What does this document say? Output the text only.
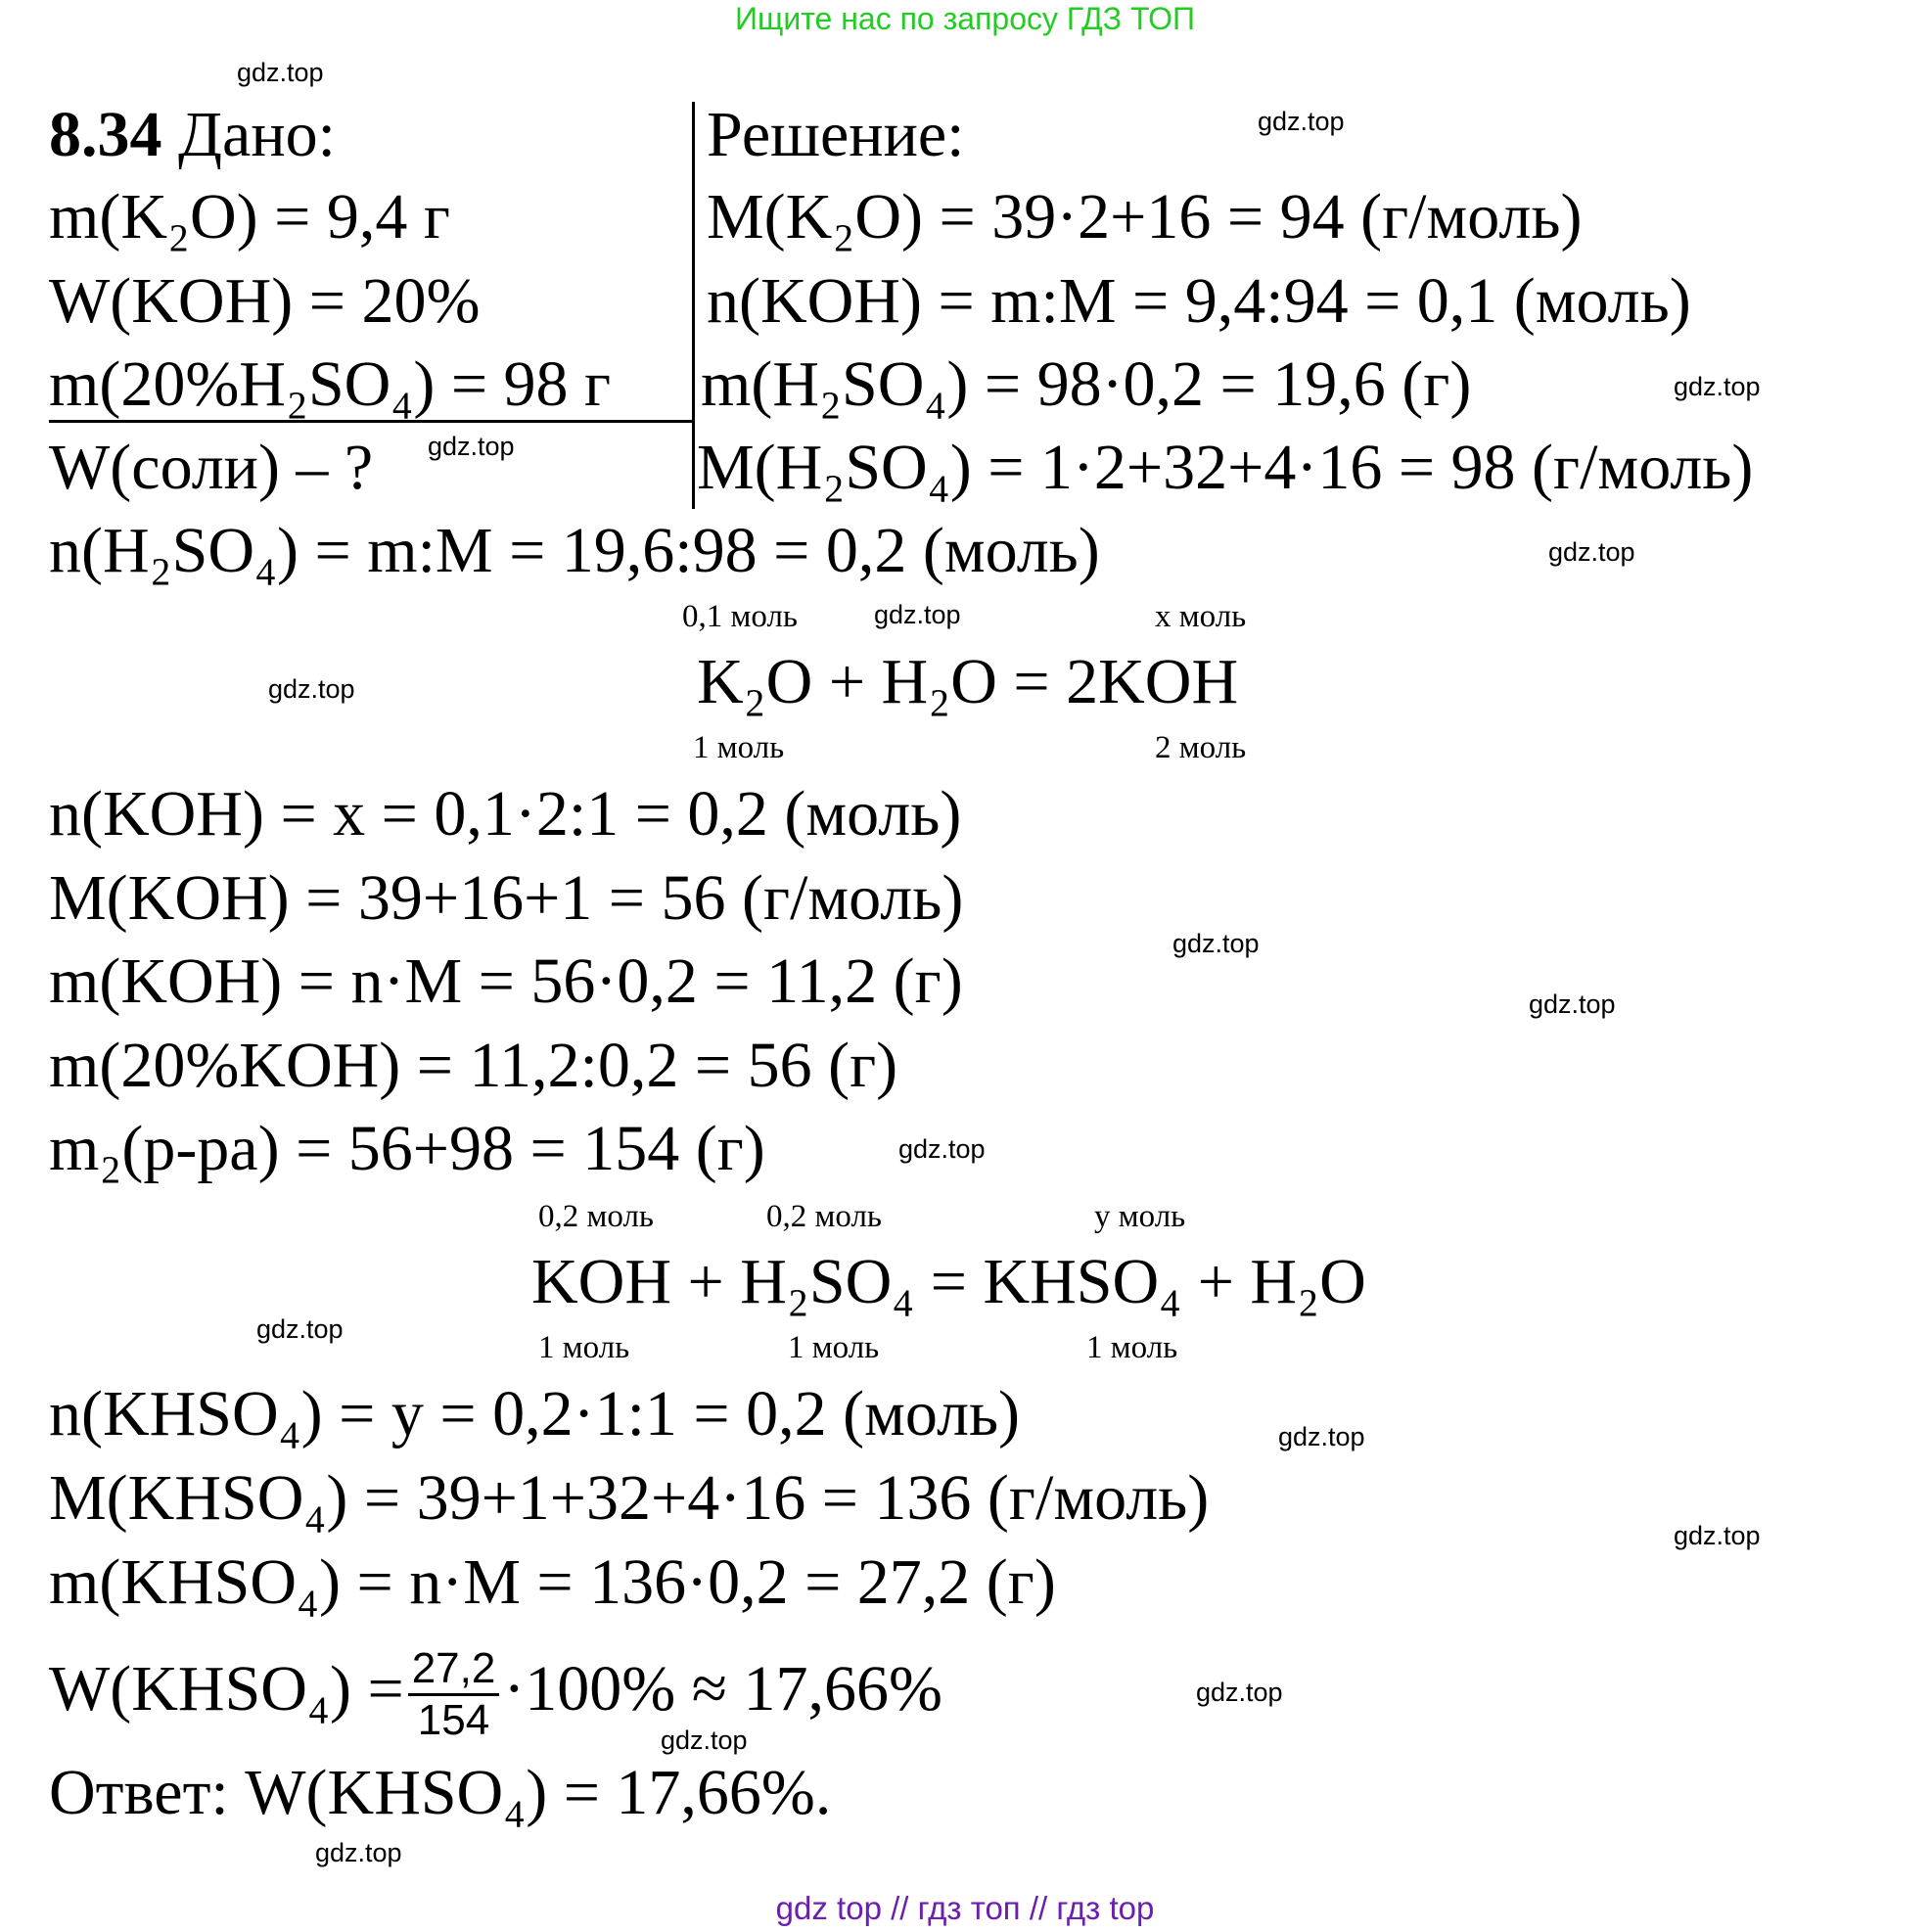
Ищите нас по запросу ГДЗ ТОП
8.34 Дано:	Решение:
m(K₂O) = 9,4 г
W(KOH) = 20%
m(20%H₂SO₄) = 98 г
W(соли) – ?
M(K₂O) = 39·2+16 = 94 (г/моль)
n(KOH) = m:M = 9,4:94 = 0,1 (моль)
m(H₂SO₄) = 98·0,2 = 19,6 (г)
M(H₂SO₄) = 1·2+32+4·16 = 98 (г/моль)
n(H₂SO₄) = m:M = 19,6:98 = 0,2 (моль)
0,1 моль	х моль
K₂O + H₂O = 2KOH
1 моль	2 моль
n(KOH) = х = 0,1·2:1 = 0,2 (моль)
M(KOH) = 39+16+1 = 56 (г/моль)
m(KOH) = n·M = 56·0,2 = 11,2 (г)
m(20%KOH) = 11,2:0,2 = 56 (г)
m₂(р-ра) = 56+98 = 154 (г)
0,2 моль	0,2 моль	у моль
KOH + H₂SO₄ = KHSO₄ + H₂O
1 моль	1 моль	1 моль
n(KHSO₄) = у = 0,2·1:1 = 0,2 (моль)
M(KHSO₄) = 39+1+32+4·16 = 136 (г/моль)
m(KHSO₄) = n·M = 136·0,2 = 27,2 (г)
W(KHSO₄) = $\frac{27,2}{154} \cdot 100\% \approx 17,66\%$
Ответ: W(KHSO₄) = 17,66%.
gdz.top
gdz.top
gdz.top
gdz.top
gdz.top
gdz.top
gdz.top
gdz.top
gdz.top
gdz.top
gdz.top
gdz.top
gdz.top
gdz.top
gdz.top
gdz.top
gdz top // гдз топ // гдз top
